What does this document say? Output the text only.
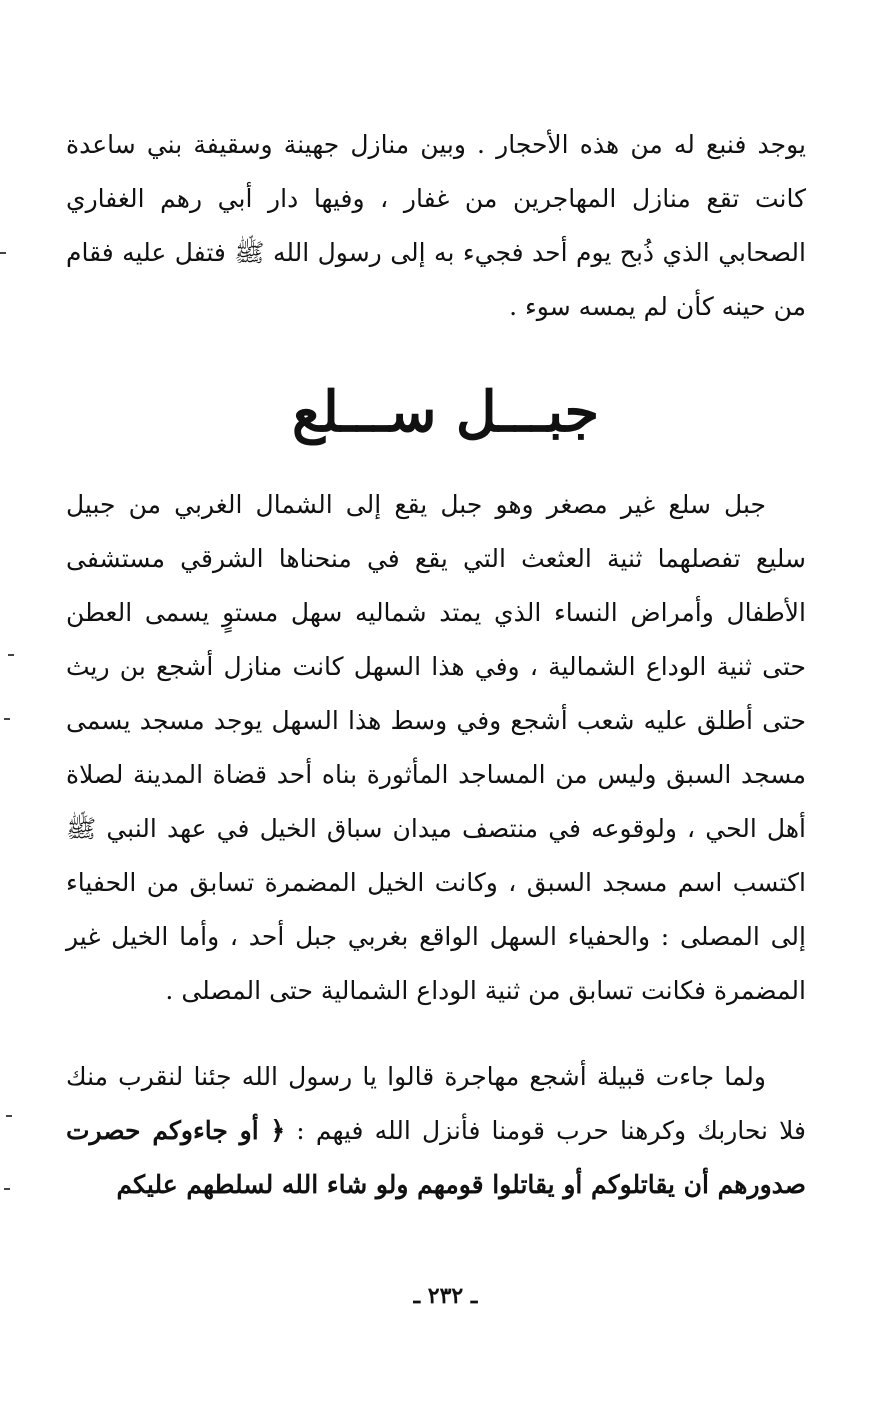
يوجد فنبع له من هذه الأحجار . وبين منازل جهينة وسقيفة بني ساعدة كانت تقع منازل المهاجرين من غفار ، وفيها دار أبي رهم الغفاري الصحابي الذي ذُبح يوم أحد فجيء به إلى رسول الله ﷺ فتفل عليه فقام من حينه كأن لم يمسه سوء .

جبـــل ســـلع

جبل سلع غير مصغر وهو جبل يقع إلى الشمال الغربي من جبيل سليع تفصلهما ثنية العثعث التي يقع في منحناها الشرقي مستشفى الأطفال وأمراض النساء الذي يمتد شماليه سهل مستوٍ يسمى العطن حتى ثنية الوداع الشمالية ، وفي هذا السهل كانت منازل أشجع بن ريث حتى أطلق عليه شعب أشجع وفي وسط هذا السهل يوجد مسجد يسمى مسجد السبق وليس من المساجد المأثورة بناه أحد قضاة المدينة لصلاة أهل الحي ، ولوقوعه في منتصف ميدان سباق الخيل في عهد النبي ﷺ اكتسب اسم مسجد السبق ، وكانت الخيل المضمرة تسابق من الحفياء إلى المصلى : والحفياء السهل الواقع بغربي جبل أحد ، وأما الخيل غير المضمرة فكانت تسابق من ثنية الوداع الشمالية حتى المصلى .

ولما جاءت قبيلة أشجع مهاجرة قالوا يا رسول الله جئنا لنقرب منك فلا نحاربك وكرهنا حرب قومنا فأنزل الله فيهم : ﴿ أو جاءوكم حصرت صدورهم أن يقاتلوكم أو يقاتلوا قومهم ولو شاء الله لسلطهم عليكم

ـ ٢٣٢ ـ
